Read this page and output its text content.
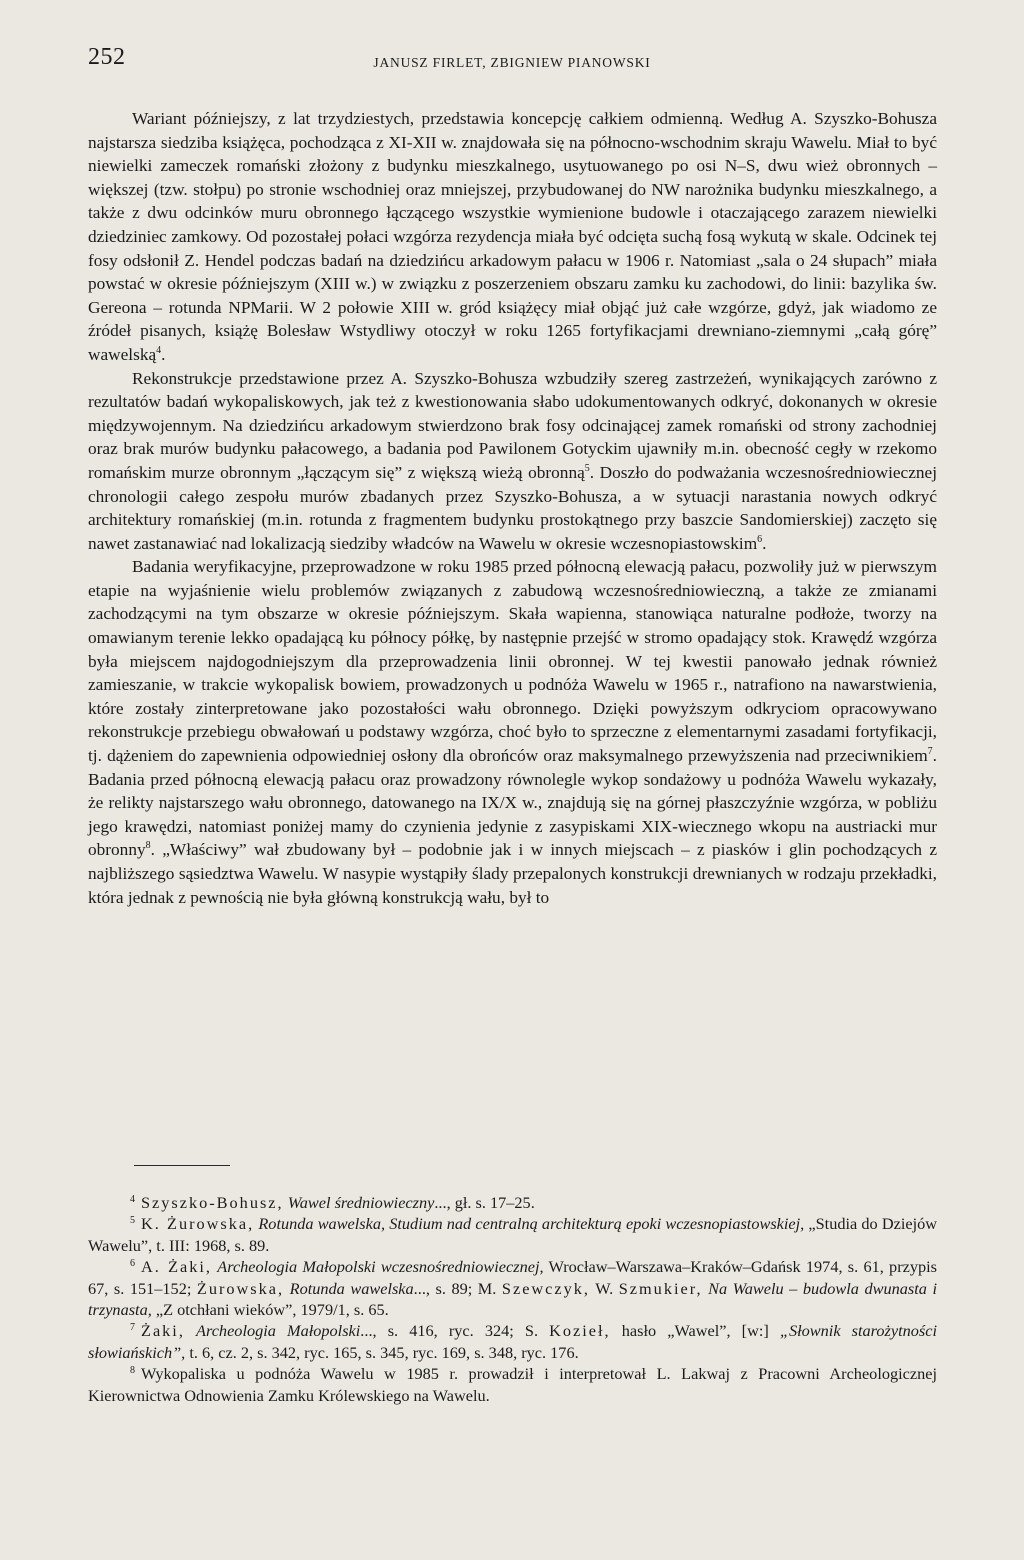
252	JANUSZ FIRLET, ZBIGNIEW PIANOWSKI

Wariant późniejszy, z lat trzydziestych, przedstawia koncepcję całkiem odmienną. Według A. Szyszko-Bohusza najstarsza siedziba książęca, pochodząca z XI-XII w. znajdowała się na północno-wschodnim skraju Wawelu. Miał to być niewielki zameczek romański złożony z budynku mieszkalnego, usytuowanego po osi N–S, dwu wież obronnych – większej (tzw. stołpu) po stronie wschodniej oraz mniejszej, przybudowanej do NW narożnika budynku mieszkalnego, a także z dwu odcinków muru obronnego łączącego wszystkie wymienione budowle i otaczającego zarazem niewielki dziedziniec zamkowy. Od pozostałej połaci wzgórza rezydencja miała być odcięta suchą fosą wykutą w skale. Odcinek tej fosy odsłonił Z. Hendel podczas badań na dziedzińcu arkadowym pałacu w 1906 r. Natomiast „sala o 24 słupach” miała powstać w okresie późniejszym (XIII w.) w związku z poszerzeniem obszaru zamku ku zachodowi, do linii: bazylika św. Gereona – rotunda NPMarii. W 2 połowie XIII w. gród książęcy miał objąć już całe wzgórze, gdyż, jak wiadomo ze źródeł pisanych, książę Bolesław Wstydliwy otoczył w roku 1265 fortyfikacjami drewniano-ziemnymi „całą górę” wawelską$^4$.

Rekonstrukcje przedstawione przez A. Szyszko-Bohusza wzbudziły szereg zastrzeżeń, wynikających zarówno z rezultatów badań wykopaliskowych, jak też z kwestionowania słabo udokumentowanych odkryć, dokonanych w okresie międzywojennym. Na dziedzińcu arkadowym stwierdzono brak fosy odcinającej zamek romański od strony zachodniej oraz brak murów budynku pałacowego, a badania pod Pawilonem Gotyckim ujawniły m.in. obecność cegły w rzekomo romańskim murze obronnym „łączącym się” z większą wieżą obronną$^5$. Doszło do podważania wczesnośredniowiecznej chronologii całego zespołu murów zbadanych przez Szyszko-Bohusza, a w sytuacji narastania nowych odkryć architektury romańskiej (m.in. rotunda z fragmentem budynku prostokątnego przy baszcie Sandomierskiej) zaczęto się nawet zastanawiać nad lokalizacją siedziby władców na Wawelu w okresie wczesnopiastowskim$^6$.

Badania weryfikacyjne, przeprowadzone w roku 1985 przed północną elewacją pałacu, pozwoliły już w pierwszym etapie na wyjaśnienie wielu problemów związanych z zabudową wczesnośredniowieczną, a także ze zmianami zachodzącymi na tym obszarze w okresie późniejszym. Skała wapienna, stanowiąca naturalne podłoże, tworzy na omawianym terenie lekko opadającą ku północy półkę, by następnie przejść w stromo opadający stok. Krawędź wzgórza była miejscem najdogodniejszym dla przeprowadzenia linii obronnej. W tej kwestii panowało jednak również zamieszanie, w trakcie wykopalisk bowiem, prowadzonych u podnóża Wawelu w 1965 r., natrafiono na nawarstwienia, które zostały zinterpretowane jako pozostałości wału obronnego. Dzięki powyższym odkryciom opracowywano rekonstrukcje przebiegu obwałowań u podstawy wzgórza, choć było to sprzeczne z elementarnymi zasadami fortyfikacji, tj. dążeniem do zapewnienia odpowiedniej osłony dla obrońców oraz maksymalnego przewyższenia nad przeciwnikiem$^7$. Badania przed północną elewacją pałacu oraz prowadzony równolegle wykop sondażowy u podnóża Wawelu wykazały, że relikty najstarszego wału obronnego, datowanego na IX/X w., znajdują się na górnej płaszczyźnie wzgórza, w pobliżu jego krawędzi, natomiast poniżej mamy do czynienia jedynie z zasypiskami XIX-wiecznego wkopu na austriacki mur obronny$^8$. „Właściwy” wał zbudowany był – podobnie jak i w innych miejscach – z piasków i glin pochodzących z najbliższego sąsiedztwa Wawelu. W nasypie wystąpiły ślady przepalonych konstrukcji drewnianych w rodzaju przekładki, która jednak z pewnością nie była główną konstrukcją wału, był to

$^4$ Szyszko-Bohusz, Wawel średniowieczny..., gł. s. 17–25.

$^5$ K. Żurowska, Rotunda wawelska, Studium nad centralną architekturą epoki wczesnopiastowskiej, „Studia do Dziejów Wawelu”, t. III: 1968, s. 89.

$^6$ A. Żaki, Archeologia Małopolski wczesnośredniowiecznej, Wrocław–Warszawa–Kraków–Gdańsk 1974, s. 61, przypis 67, s. 151–152; Żurowska, Rotunda wawelska..., s. 89; M. Szewczyk, W. Szmukier, Na Wawelu – budowla dwunasta i trzynasta, „Z otchłani wieków”, 1979/1, s. 65.

$^7$ Żaki, Archeologia Małopolski..., s. 416, ryc. 324; S. Kozieł, hasło „Wawel”, [w:] „Słownik starożytności słowiańskich”, t. 6, cz. 2, s. 342, ryc. 165, s. 345, ryc. 169, s. 348, ryc. 176.

$^8$ Wykopaliska u podnóża Wawelu w 1985 r. prowadził i interpretował L. Lakwaj z Pracowni Archeologicznej Kierownictwa Odnowienia Zamku Królewskiego na Wawelu.
